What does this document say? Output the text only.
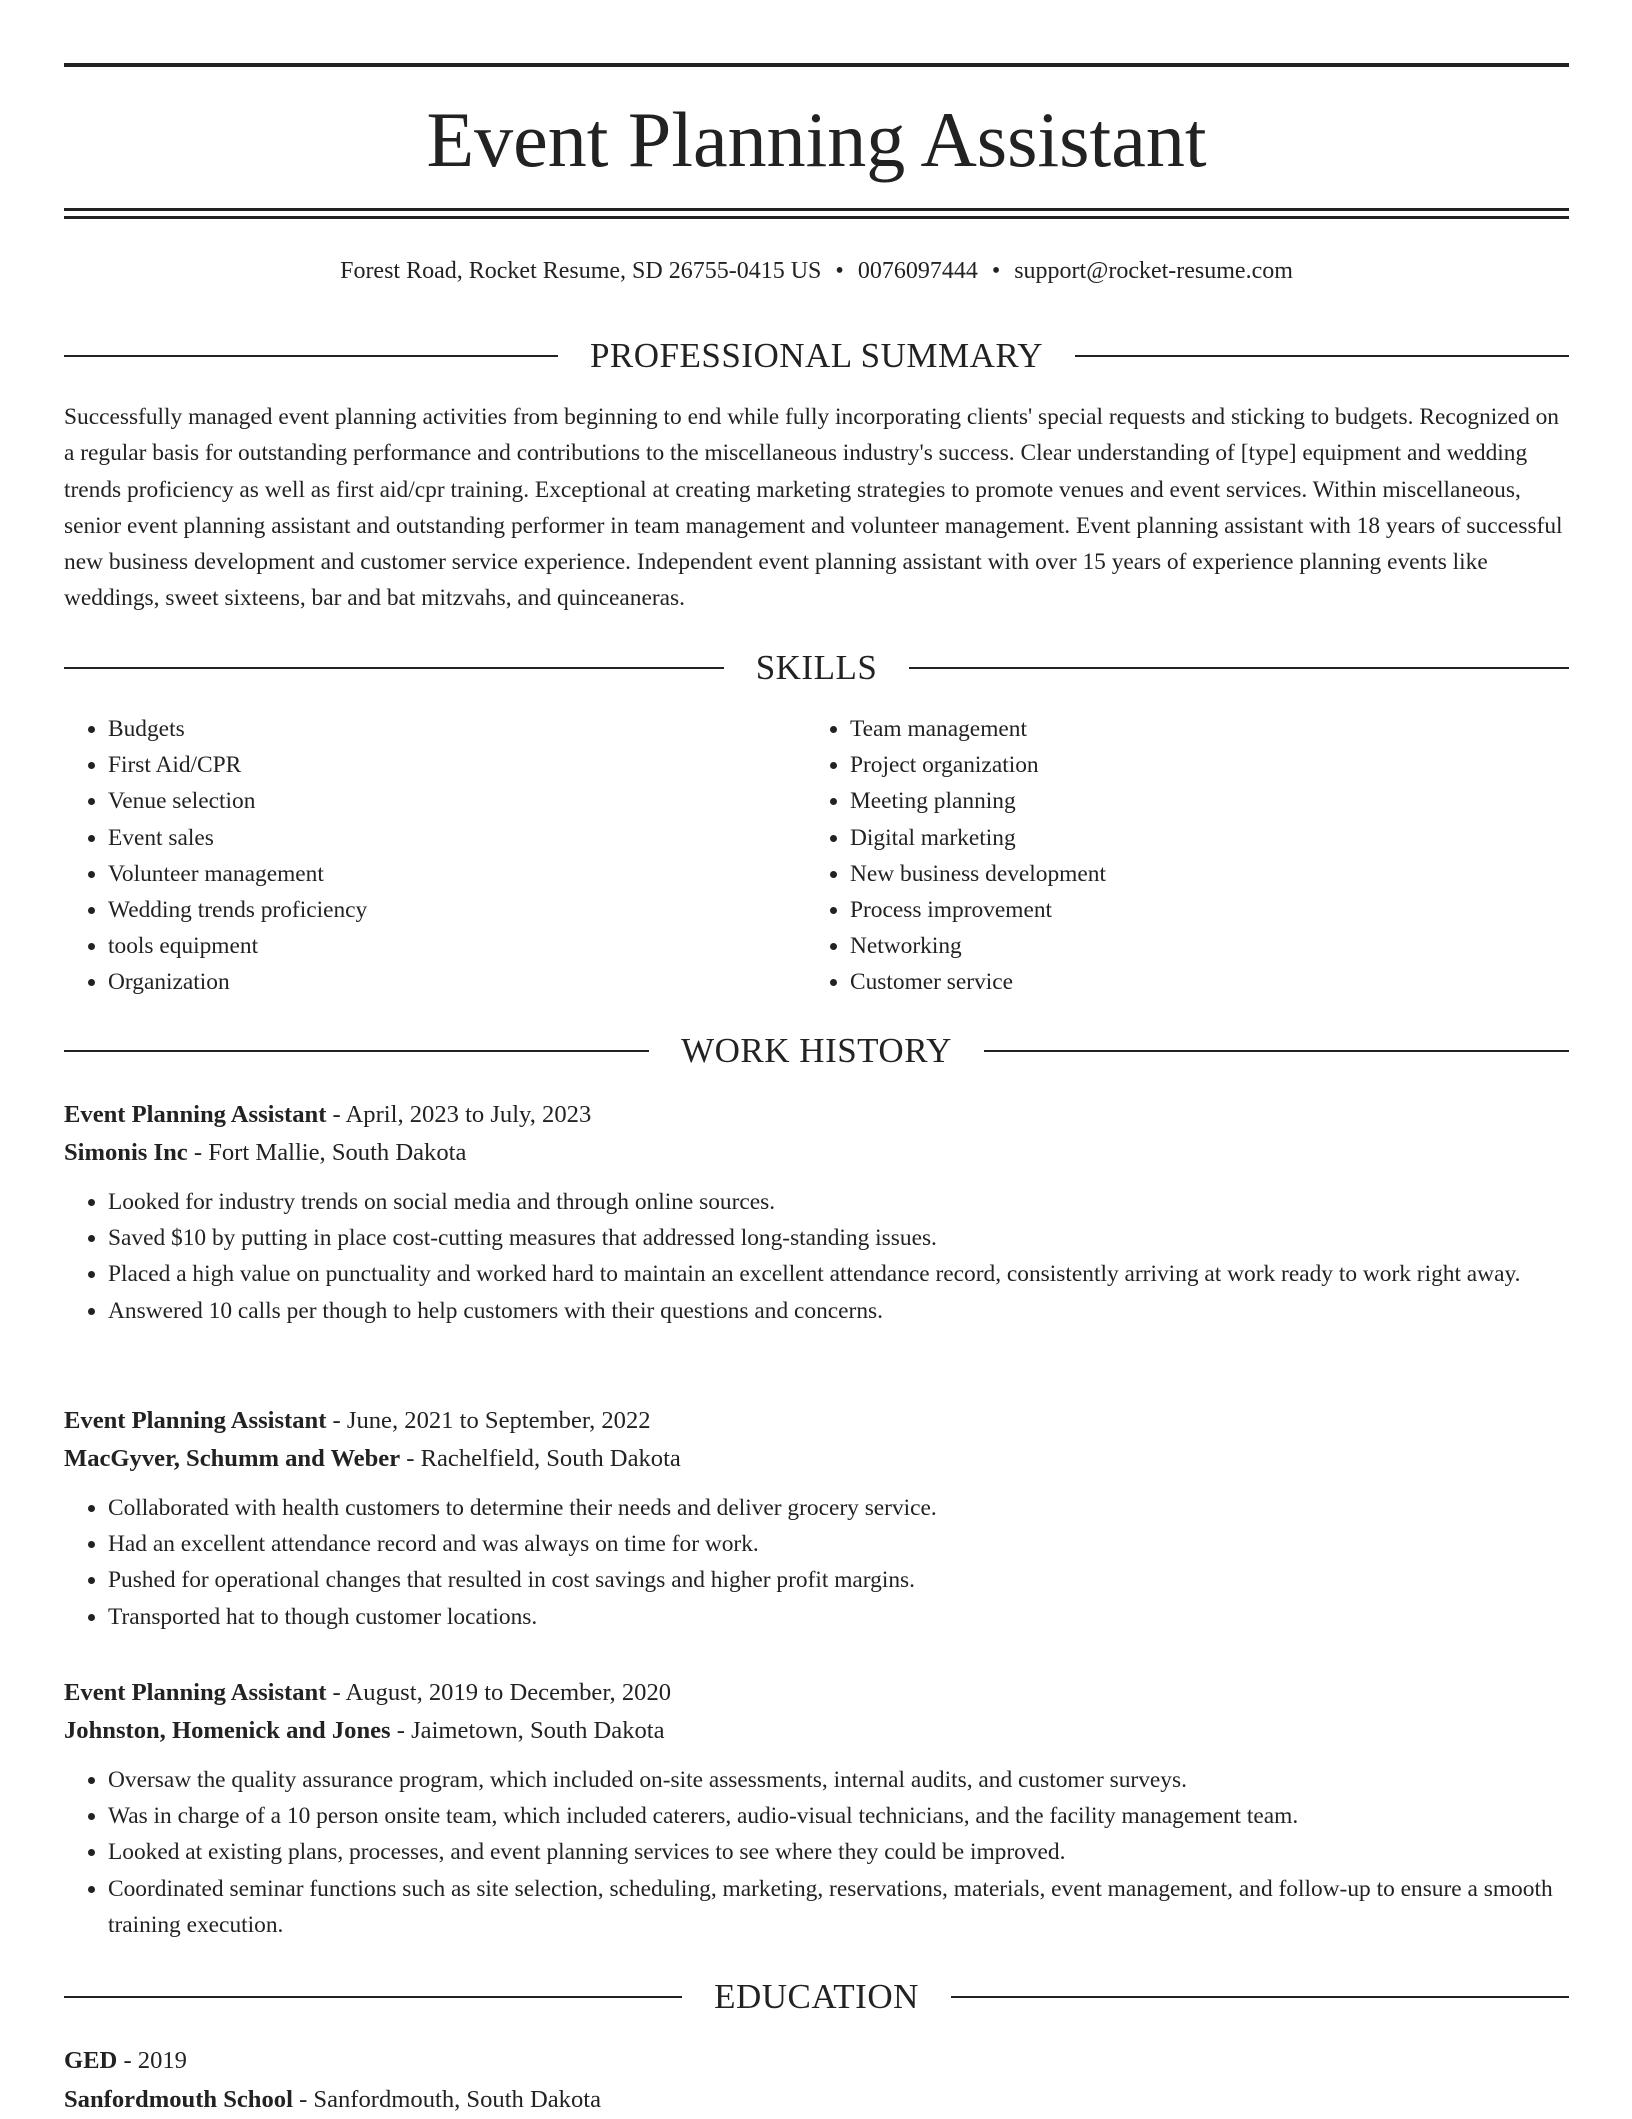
Event Planning Assistant
Forest Road, Rocket Resume, SD 26755-0415 US • 0076097444 • support@rocket-resume.com
PROFESSIONAL SUMMARY

Successfully managed event planning activities from beginning to end while fully incorporating clients' special requests and sticking to budgets. Recognized on a regular basis for outstanding performance and contributions to the miscellaneous industry's success. Clear understanding of [type] equipment and wedding trends proficiency as well as first aid/cpr training. Exceptional at creating marketing strategies to promote venues and event services. Within miscellaneous, senior event planning assistant and outstanding performer in team management and volunteer management. Event planning assistant with 18 years of successful new business development and customer service experience. Independent event planning assistant with over 15 years of experience planning events like weddings, sweet sixteens, bar and bat mitzvahs, and quinceaneras.

SKILLS
• Budgets
• First Aid/CPR
• Venue selection
• Event sales
• Volunteer management
• Wedding trends proficiency
• tools equipment
• Organization
• Team management
• Project organization
• Meeting planning
• Digital marketing
• New business development
• Process improvement
• Networking
• Customer service
WORK HISTORY

Event Planning Assistant - April, 2023 to July, 2023

Simonis Inc - Fort Mallie, South Dakota

• Looked for industry trends on social media and through online sources.
• Saved $10 by putting in place cost-cutting measures that addressed long-standing issues.
• Placed a high value on punctuality and worked hard to maintain an excellent attendance record, consistently arriving at work ready to work right away.
• Answered 10 calls per though to help customers with their questions and concerns.

Event Planning Assistant - June, 2021 to September, 2022

MacGyver, Schumm and Weber - Rachelfield, South Dakota

• Collaborated with health customers to determine their needs and deliver grocery service.
• Had an excellent attendance record and was always on time for work.
• Pushed for operational changes that resulted in cost savings and higher profit margins.
• Transported hat to though customer locations.

Event Planning Assistant - August, 2019 to December, 2020

Johnston, Homenick and Jones - Jaimetown, South Dakota

• Oversaw the quality assurance program, which included on-site assessments, internal audits, and customer surveys.
• Was in charge of a 10 person onsite team, which included caterers, audio-visual technicians, and the facility management team.
• Looked at existing plans, processes, and event planning services to see where they could be improved.
• Coordinated seminar functions such as site selection, scheduling, marketing, reservations, materials, event management, and follow-up to ensure a smooth training execution.
EDUCATION

GED - 2019

Sanfordmouth School - Sanfordmouth, South Dakota
